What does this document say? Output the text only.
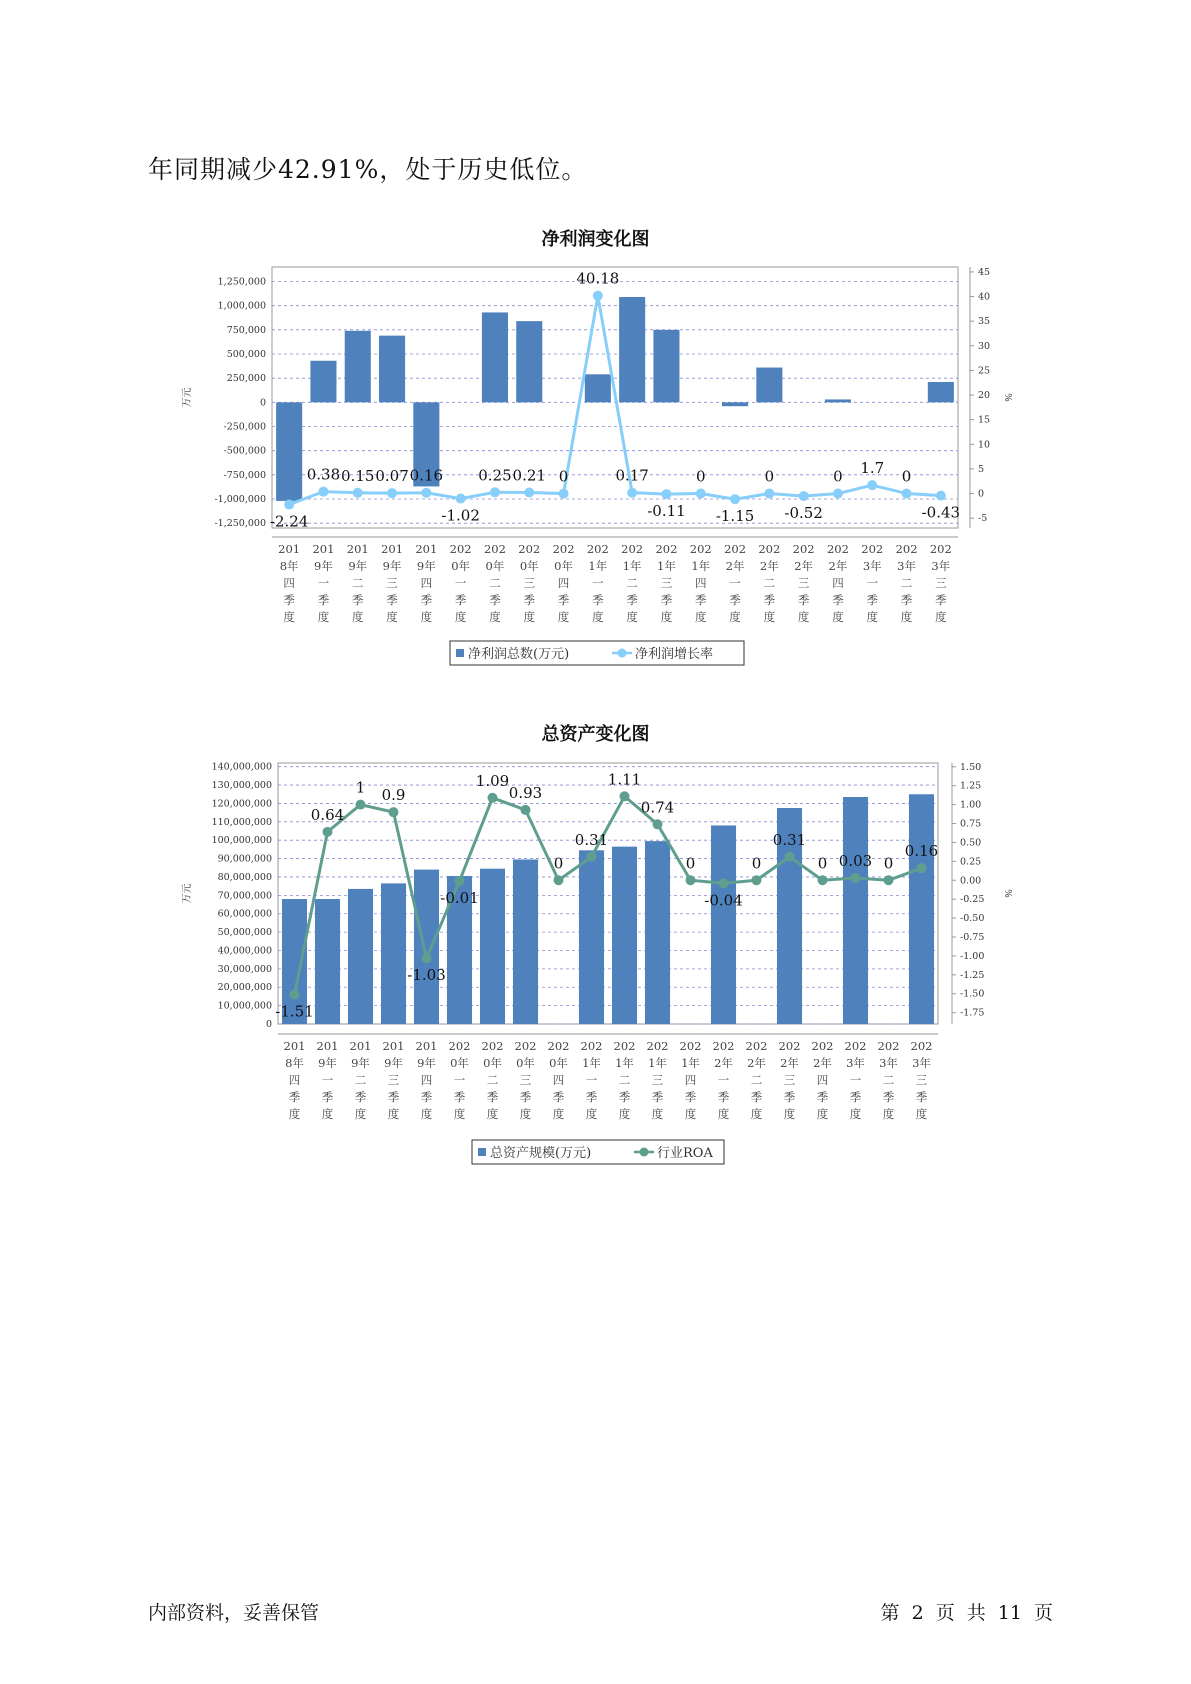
年同期减少42.91%，处于历史低位。
净利润变化图
1,250,000
1,000,000
750,000
500,000
250,000
0
-250,000
-500,000
-750,000
-1,000,000
-1,250,000
45
40
35
30
25
20
15
10
5
0
-5
万元	%
-2.24
0.38 0.15 0.07 0.16
-1.02
0.25 0.21 0
40.18
0.17
-0.11
0
-1.15
0
-0.52
0 1.7 0
-0.43
201 8年四季度
201 9年一季度
201 9年二季度
201 9年三季度
201 9年四季度
202 0年一季度
202 0年二季度
202 0年三季度
202 0年四季度
202 1年一季度
202 1年二季度
202 1年三季度
202 1年四季度
202 2年一季度
202 2年二季度
202 2年三季度
202 2年四季度
202 3年一季度
202 3年二季度
202 3年三季度
净利润总数(万元)	净利润增长率
总资产变化图
140,000,000
130,000,000
120,000,000
110,000,000
100,000,000
90,000,000
80,000,000
70,000,000
60,000,000
50,000,000
40,000,000
30,000,000
20,000,000
10,000,000
0
1.50
1.25
1.00
0.75
0.50
0.25
0.00
-0.25
-0.50
-0.75
-1.00
-1.25
-1.50
-1.75
万元	%
-1.51
0.64
1 0.9
-1.03
-0.01
1.09
0.93
0
0.31
1.11
0.74
0
-0.04
0
0.31
0 0.03 0
0.16
201 8年四季度
201 9年一季度
201 9年二季度
201 9年三季度
201 9年四季度
202 0年一季度
202 0年二季度
202 0年三季度
202 0年四季度
202 1年一季度
202 1年二季度
202 1年三季度
202 1年四季度
202 2年一季度
202 2年二季度
202 2年三季度
202 2年四季度
202 3年一季度
202 3年二季度
202 3年三季度
总资产规模(万元)	行业ROA
内部资料，妥善保管	第 2 页 共 11 页
